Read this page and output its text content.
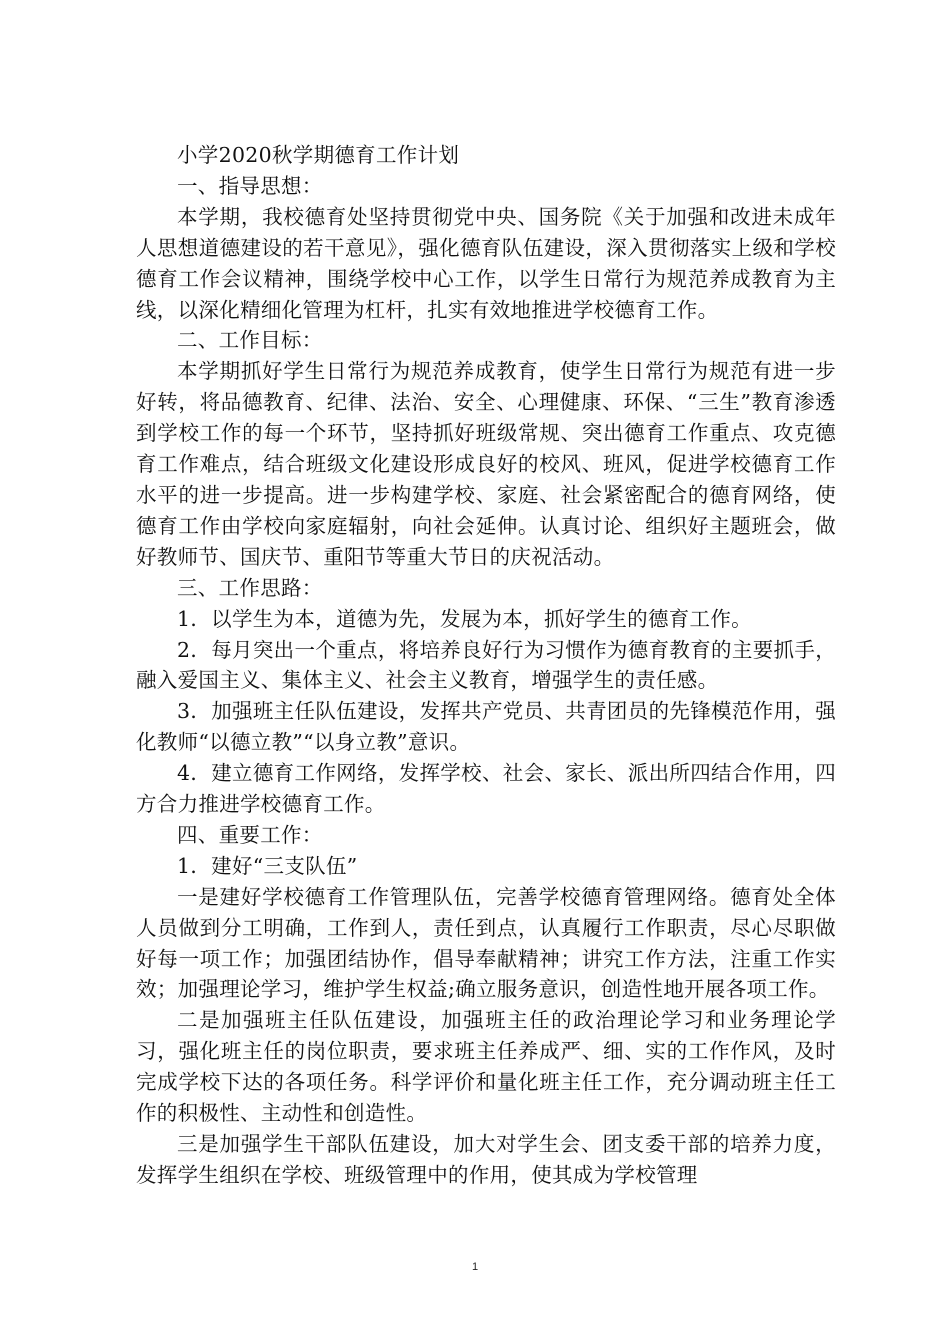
小学2020秋学期德育工作计划

一、指导思想：

本学期，我校德育处坚持贯彻党中央、国务院《关于加强和改进未成年人思想道德建设的若干意见》，强化德育队伍建设，深入贯彻落实上级和学校德育工作会议精神，围绕学校中心工作，以学生日常行为规范养成教育为主线，以深化精细化管理为杠杆，扎实有效地推进学校德育工作。

二、工作目标：

本学期抓好学生日常行为规范养成教育，使学生日常行为规范有进一步好转，将品德教育、纪律、法治、安全、心理健康、环保、“三生”教育渗透到学校工作的每一个环节，坚持抓好班级常规、突出德育工作重点、攻克德育工作难点，结合班级文化建设形成良好的校风、班风，促进学校德育工作水平的进一步提高。进一步构建学校、家庭、社会紧密配合的德育网络，使德育工作由学校向家庭辐射，向社会延伸。认真讨论、组织好主题班会，做好教师节、国庆节、重阳节等重大节日的庆祝活动。

三、工作思路：

1．以学生为本，道德为先，发展为本，抓好学生的德育工作。

2．每月突出一个重点，将培养良好行为习惯作为德育教育的主要抓手，融入爱国主义、集体主义、社会主义教育，增强学生的责任感。

3．加强班主任队伍建设，发挥共产党员、共青团员的先锋模范作用，强化教师“以德立教”“以身立教”意识。

4．建立德育工作网络，发挥学校、社会、家长、派出所四结合作用，四方合力推进学校德育工作。

四、重要工作：

1．建好“三支队伍”

一是建好学校德育工作管理队伍，完善学校德育管理网络。德育处全体人员做到分工明确，工作到人，责任到点，认真履行工作职责，尽心尽职做好每一项工作；加强团结协作，倡导奉献精神；讲究工作方法，注重工作实效；加强理论学习，维护学生权益;确立服务意识，创造性地开展各项工作。

二是加强班主任队伍建设，加强班主任的政治理论学习和业务理论学习，强化班主任的岗位职责，要求班主任养成严、细、实的工作作风，及时完成学校下达的各项任务。科学评价和量化班主任工作，充分调动班主任工作的积极性、主动性和创造性。

三是加强学生干部队伍建设，加大对学生会、团支委干部的培养力度，发挥学生组织在学校、班级管理中的作用，使其成为学校管理

1
